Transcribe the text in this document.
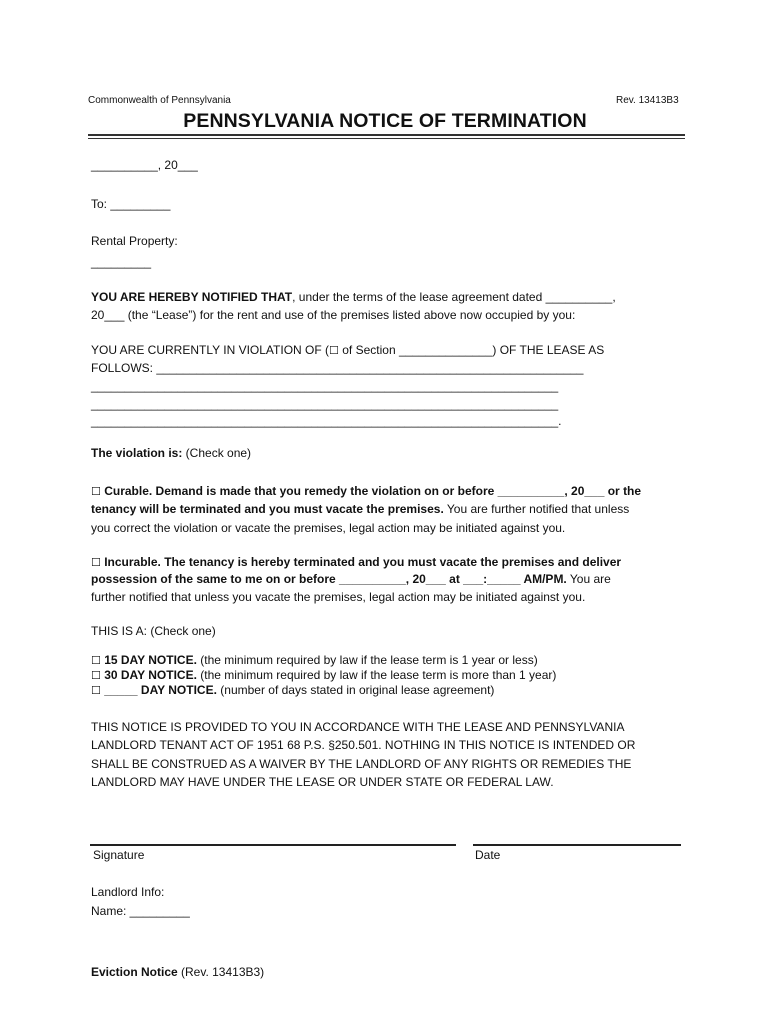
Commonwealth of Pennsylvania	Rev. 13413B3
PENNSYLVANIA NOTICE OF TERMINATION
__________, 20___
To: _________
Rental Property:
_________
YOU ARE HEREBY NOTIFIED THAT, under the terms of the lease agreement dated __________,
20___ (the “Lease”) for the rent and use of the premises listed above now occupied by you:
YOU ARE CURRENTLY IN VIOLATION OF (☐ of Section ______________) OF THE LEASE AS
FOLLOWS: ________________________________________________________________
______________________________________________________________________
______________________________________________________________________
______________________________________________________________________.
The violation is: (Check one)
☐ Curable. Demand is made that you remedy the violation on or before __________, 20___ or the
tenancy will be terminated and you must vacate the premises. You are further notified that unless
you correct the violation or vacate the premises, legal action may be initiated against you.
☐ Incurable. The tenancy is hereby terminated and you must vacate the premises and deliver
possession of the same to me on or before __________, 20___ at ___:_____ AM/PM. You are
further notified that unless you vacate the premises, legal action may be initiated against you.
THIS IS A: (Check one)
☐ 15 DAY NOTICE. (the minimum required by law if the lease term is 1 year or less)
☐ 30 DAY NOTICE. (the minimum required by law if the lease term is more than 1 year)
☐ _____ DAY NOTICE. (number of days stated in original lease agreement)
THIS NOTICE IS PROVIDED TO YOU IN ACCORDANCE WITH THE LEASE AND PENNSYLVANIA
LANDLORD TENANT ACT OF 1951 68 P.S. §250.501. NOTHING IN THIS NOTICE IS INTENDED OR
SHALL BE CONSTRUED AS A WAIVER BY THE LANDLORD OF ANY RIGHTS OR REMEDIES THE
LANDLORD MAY HAVE UNDER THE LEASE OR UNDER STATE OR FEDERAL LAW.
Signature	Date
Landlord Info:
Name: _________
Eviction Notice (Rev. 13413B3)
